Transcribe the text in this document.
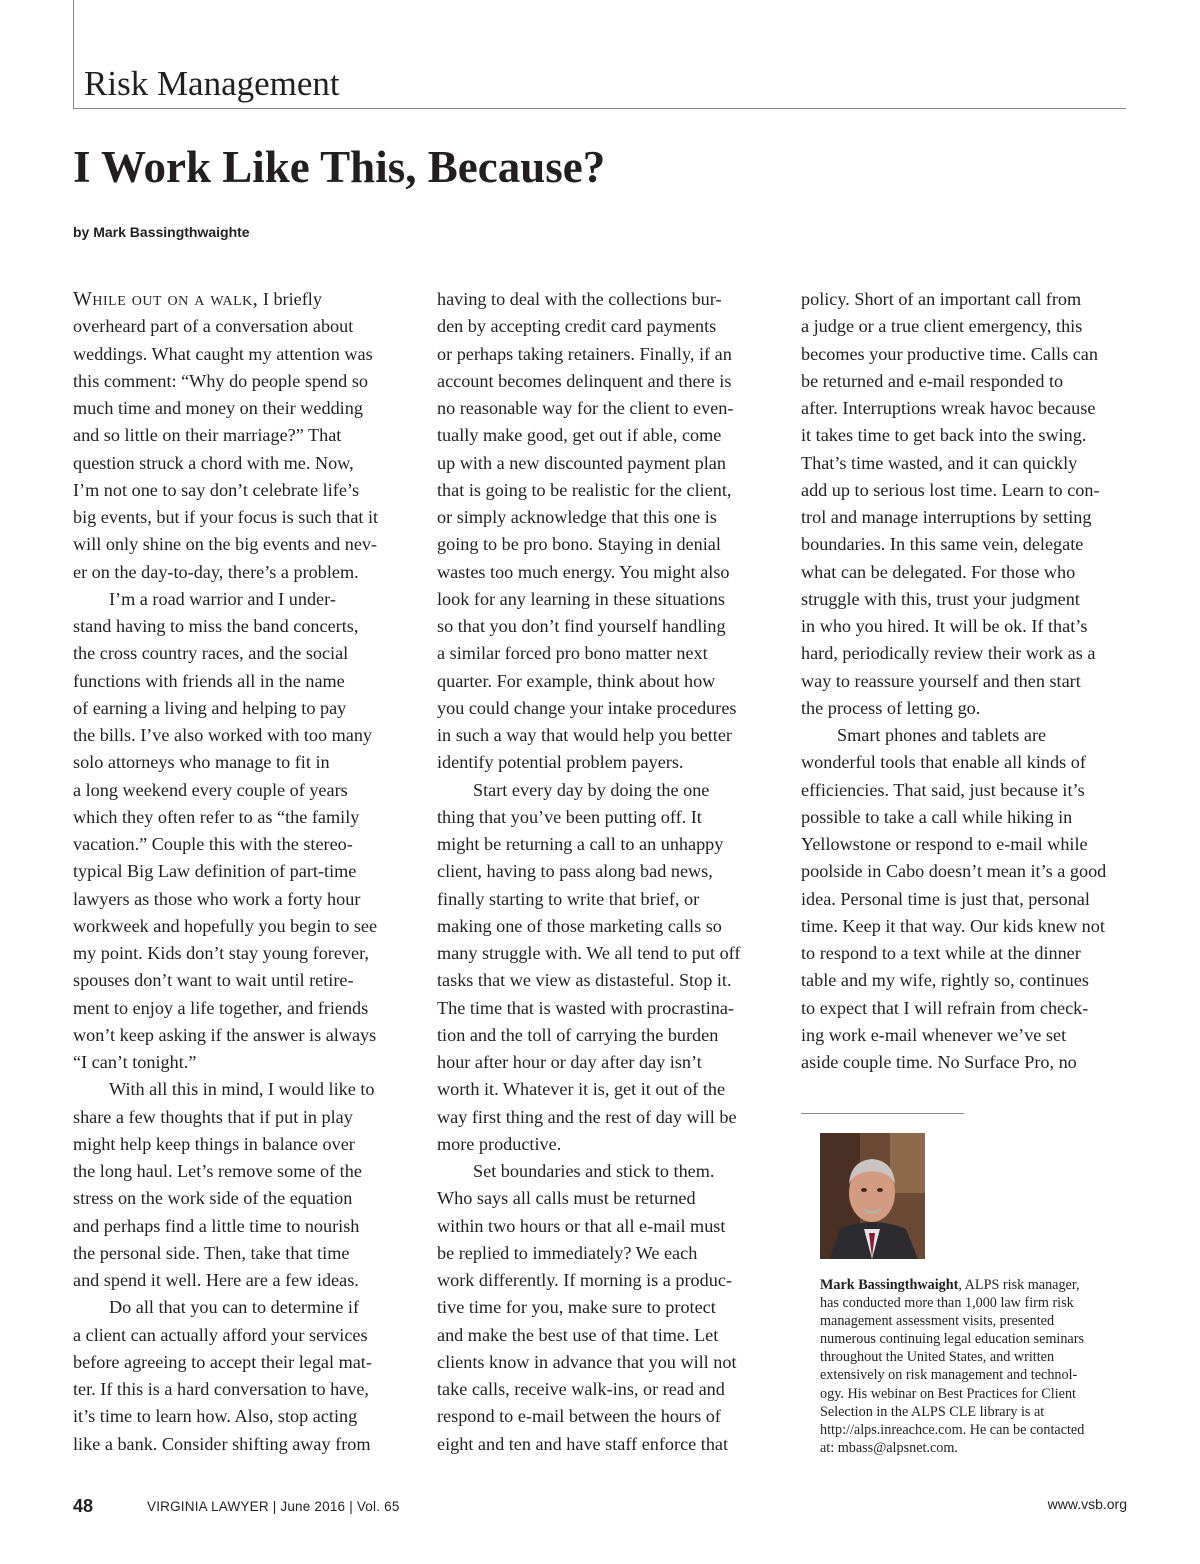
Risk Management
I Work Like This, Because?
by Mark Bassingthwaighte

While out on a walk, I briefly
overheard part of a conversation about
weddings. What caught my attention was
this comment: “Why do people spend so
much time and money on their wedding
and so little on their marriage?” That
question struck a chord with me. Now,
I’m not one to say don’t celebrate life’s
big events, but if your focus is such that it
will only shine on the big events and nev-
er on the day-to-day, there’s a problem.

I’m a road warrior and I under-
stand having to miss the band concerts,
the cross country races, and the social
functions with friends all in the name
of earning a living and helping to pay
the bills. I’ve also worked with too many
solo attorneys who manage to fit in
a long weekend every couple of years
which they often refer to as “the family
vacation.” Couple this with the stereo-
typical Big Law definition of part-time
lawyers as those who work a forty hour
workweek and hopefully you begin to see
my point. Kids don’t stay young forever,
spouses don’t want to wait until retire-
ment to enjoy a life together, and friends
won’t keep asking if the answer is always
“I can’t tonight.”

With all this in mind, I would like to
share a few thoughts that if put in play
might help keep things in balance over
the long haul. Let’s remove some of the
stress on the work side of the equation
and perhaps find a little time to nourish
the personal side. Then, take that time
and spend it well. Here are a few ideas.

Do all that you can to determine if
a client can actually afford your services
before agreeing to accept their legal mat-
ter. If this is a hard conversation to have,
it’s time to learn how. Also, stop acting
like a bank. Consider shifting away from

having to deal with the collections bur-
den by accepting credit card payments
or perhaps taking retainers. Finally, if an
account becomes delinquent and there is
no reasonable way for the client to even-
tually make good, get out if able, come
up with a new discounted payment plan
that is going to be realistic for the client,
or simply acknowledge that this one is
going to be pro bono. Staying in denial
wastes too much energy. You might also
look for any learning in these situations
so that you don’t find yourself handling
a similar forced pro bono matter next
quarter. For example, think about how
you could change your intake procedures
in such a way that would help you better
identify potential problem payers.

Start every day by doing the one
thing that you’ve been putting off. It
might be returning a call to an unhappy
client, having to pass along bad news,
finally starting to write that brief, or
making one of those marketing calls so
many struggle with. We all tend to put off
tasks that we view as distasteful. Stop it.
The time that is wasted with procrastina-
tion and the toll of carrying the burden
hour after hour or day after day isn’t
worth it. Whatever it is, get it out of the
way first thing and the rest of day will be
more productive.

Set boundaries and stick to them.
Who says all calls must be returned
within two hours or that all e-mail must
be replied to immediately? We each
work differently. If morning is a produc-
tive time for you, make sure to protect
and make the best use of that time. Let
clients know in advance that you will not
take calls, receive walk-ins, or read and
respond to e-mail between the hours of
eight and ten and have staff enforce that

policy. Short of an important call from
a judge or a true client emergency, this
becomes your productive time. Calls can
be returned and e-mail responded to
after. Interruptions wreak havoc because
it takes time to get back into the swing.
That’s time wasted, and it can quickly
add up to serious lost time. Learn to con-
trol and manage interruptions by setting
boundaries. In this same vein, delegate
what can be delegated. For those who
struggle with this, trust your judgment
in who you hired. It will be ok. If that’s
hard, periodically review their work as a
way to reassure yourself and then start
the process of letting go.

Smart phones and tablets are
wonderful tools that enable all kinds of
efficiencies. That said, just because it’s
possible to take a call while hiking in
Yellowstone or respond to e-mail while
poolside in Cabo doesn’t mean it’s a good
idea. Personal time is just that, personal
time. Keep it that way. Our kids knew not
to respond to a text while at the dinner
table and my wife, rightly so, continues
to expect that I will refrain from check-
ing work e-mail whenever we’ve set
aside couple time. No Surface Pro, no

Mark Bassingthwaight, ALPS risk manager,
has conducted more than 1,000 law firm risk
management assessment visits, presented
numerous continuing legal education seminars
throughout the United States, and written
extensively on risk management and technol-
ogy. His webinar on Best Practices for Client
Selection in the ALPS CLE library is at
http://alps.inreachce.com. He can be contacted
at: mbass@alpsnet.com.
48	VIRGINIA LAWYER | June 2016 | Vol. 65	www.vsb.org
